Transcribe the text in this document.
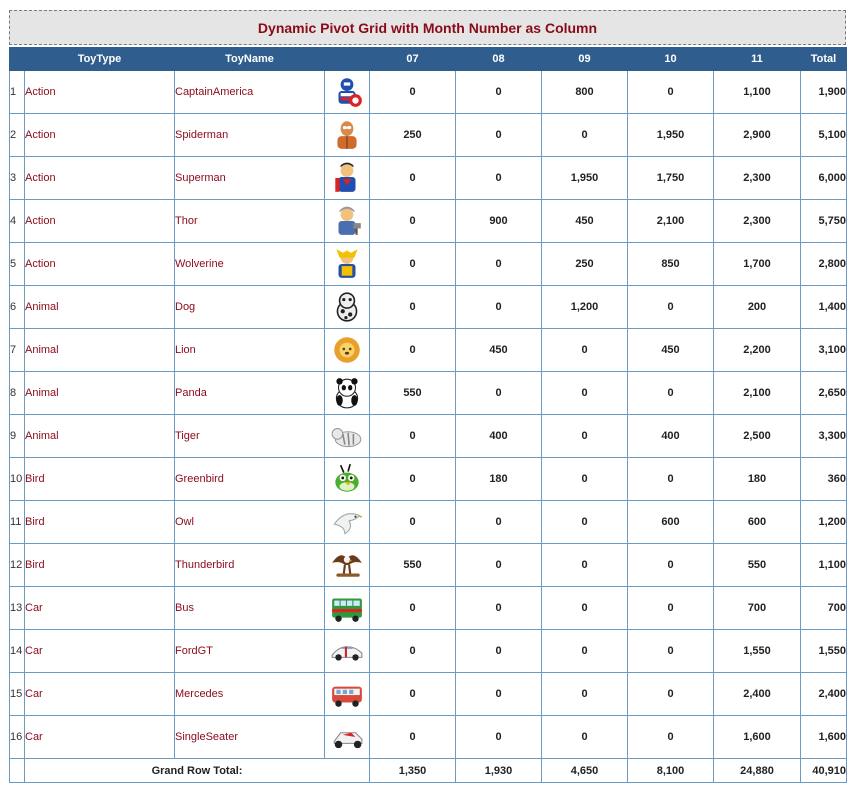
Dynamic Pivot Grid with Month Number as Column
	ToyType	ToyName		07	08	09	10	11	Total
1	Action	CaptainAmerica		0	0	800	0	1,100	1,900
2	Action	Spiderman		250	0	0	1,950	2,900	5,100
3	Action	Superman		0	0	1,950	1,750	2,300	6,000
4	Action	Thor		0	900	450	2,100	2,300	5,750
5	Action	Wolverine		0	0	250	850	1,700	2,800
6	Animal	Dog		0	0	1,200	0	200	1,400
7	Animal	Lion		0	450	0	450	2,200	3,100
8	Animal	Panda		550	0	0	0	2,100	2,650
9	Animal	Tiger		0	400	0	400	2,500	3,300
10	Bird	Greenbird		0	180	0	0	180	360
11	Bird	Owl		0	0	0	600	600	1,200
12	Bird	Thunderbird		550	0	0	0	550	1,100
13	Car	Bus		0	0	0	0	700	700
14	Car	FordGT		0	0	0	0	1,550	1,550
15	Car	Mercedes		0	0	0	0	2,400	2,400
16	Car	SingleSeater		0	0	0	0	1,600	1,600
	Grand Row Total:			1,350	1,930	4,650	8,100	24,880	40,910
